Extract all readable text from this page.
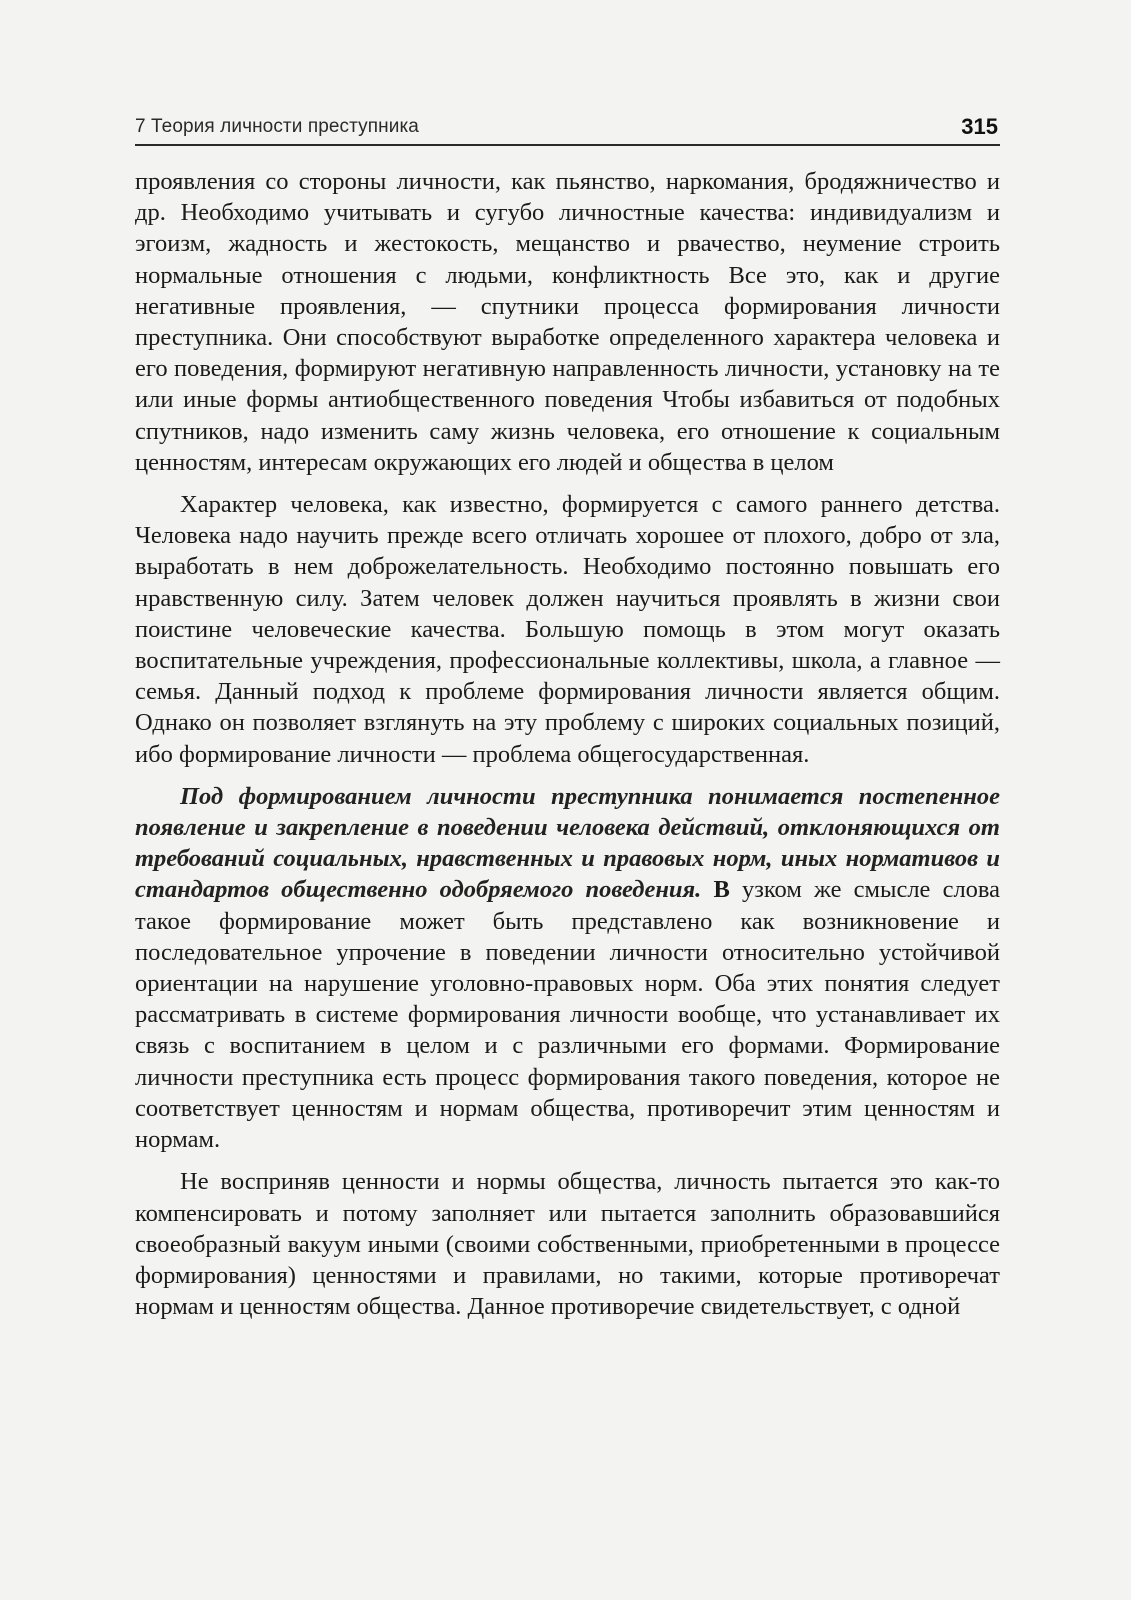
7 Теория личности преступника	315

проявления со стороны личности, как пьянство, наркомания, бродяжничество и др. Необходимо учитывать и сугубо личностные качества: индивидуализм и эгоизм, жадность и жестокость, мещанство и рвачество, неумение строить нормальные отношения с людьми, конфликтность Все это, как и другие негативные проявления, — спутники процесса формирования личности преступника. Они способствуют выработке определенного характера человека и его поведения, формируют негативную направленность личности, установку на те или иные формы антиобщественного поведения Чтобы избавиться от подобных спутников, надо изменить саму жизнь человека, его отношение к социальным ценностям, интересам окружающих его людей и общества в целом

Характер человека, как известно, формируется с самого раннего детства. Человека надо научить прежде всего отличать хорошее от плохого, добро от зла, выработать в нем доброжелательность. Необходимо постоянно повышать его нравственную силу. Затем человек должен научиться проявлять в жизни свои поистине человеческие качества. Большую помощь в этом могут оказать воспитательные учреждения, профессиональные коллективы, школа, а главное — семья. Данный подход к проблеме формирования личности является общим. Однако он позволяет взглянуть на эту проблему с широких социальных позиций, ибо формирование личности — проблема общегосударственная.

Под формированием личности преступника понимается постепенное появление и закрепление в поведении человека действий, отклоняющихся от требований социальных, нравственных и правовых норм, иных нормативов и стандартов общественно одобряемого поведения. В узком же смысле слова такое формирование может быть представлено как возникновение и последовательное упрочение в поведении личности относительно устойчивой ориентации на нарушение уголовно-правовых норм. Оба этих понятия следует рассматривать в системе формирования личности вообще, что устанавливает их связь с воспитанием в целом и с различными его формами. Формирование личности преступника есть процесс формирования такого поведения, которое не соответствует ценностям и нормам общества, противоречит этим ценностям и нормам.

Не восприняв ценности и нормы общества, личность пытается это как-то компенсировать и потому заполняет или пытается заполнить образовавшийся своеобразный вакуум иными (своими собственными, приобретенными в процессе формирования) ценностями и правилами, но такими, которые противоречат нормам и ценностям общества. Данное противоречие свидетельствует, с одной
